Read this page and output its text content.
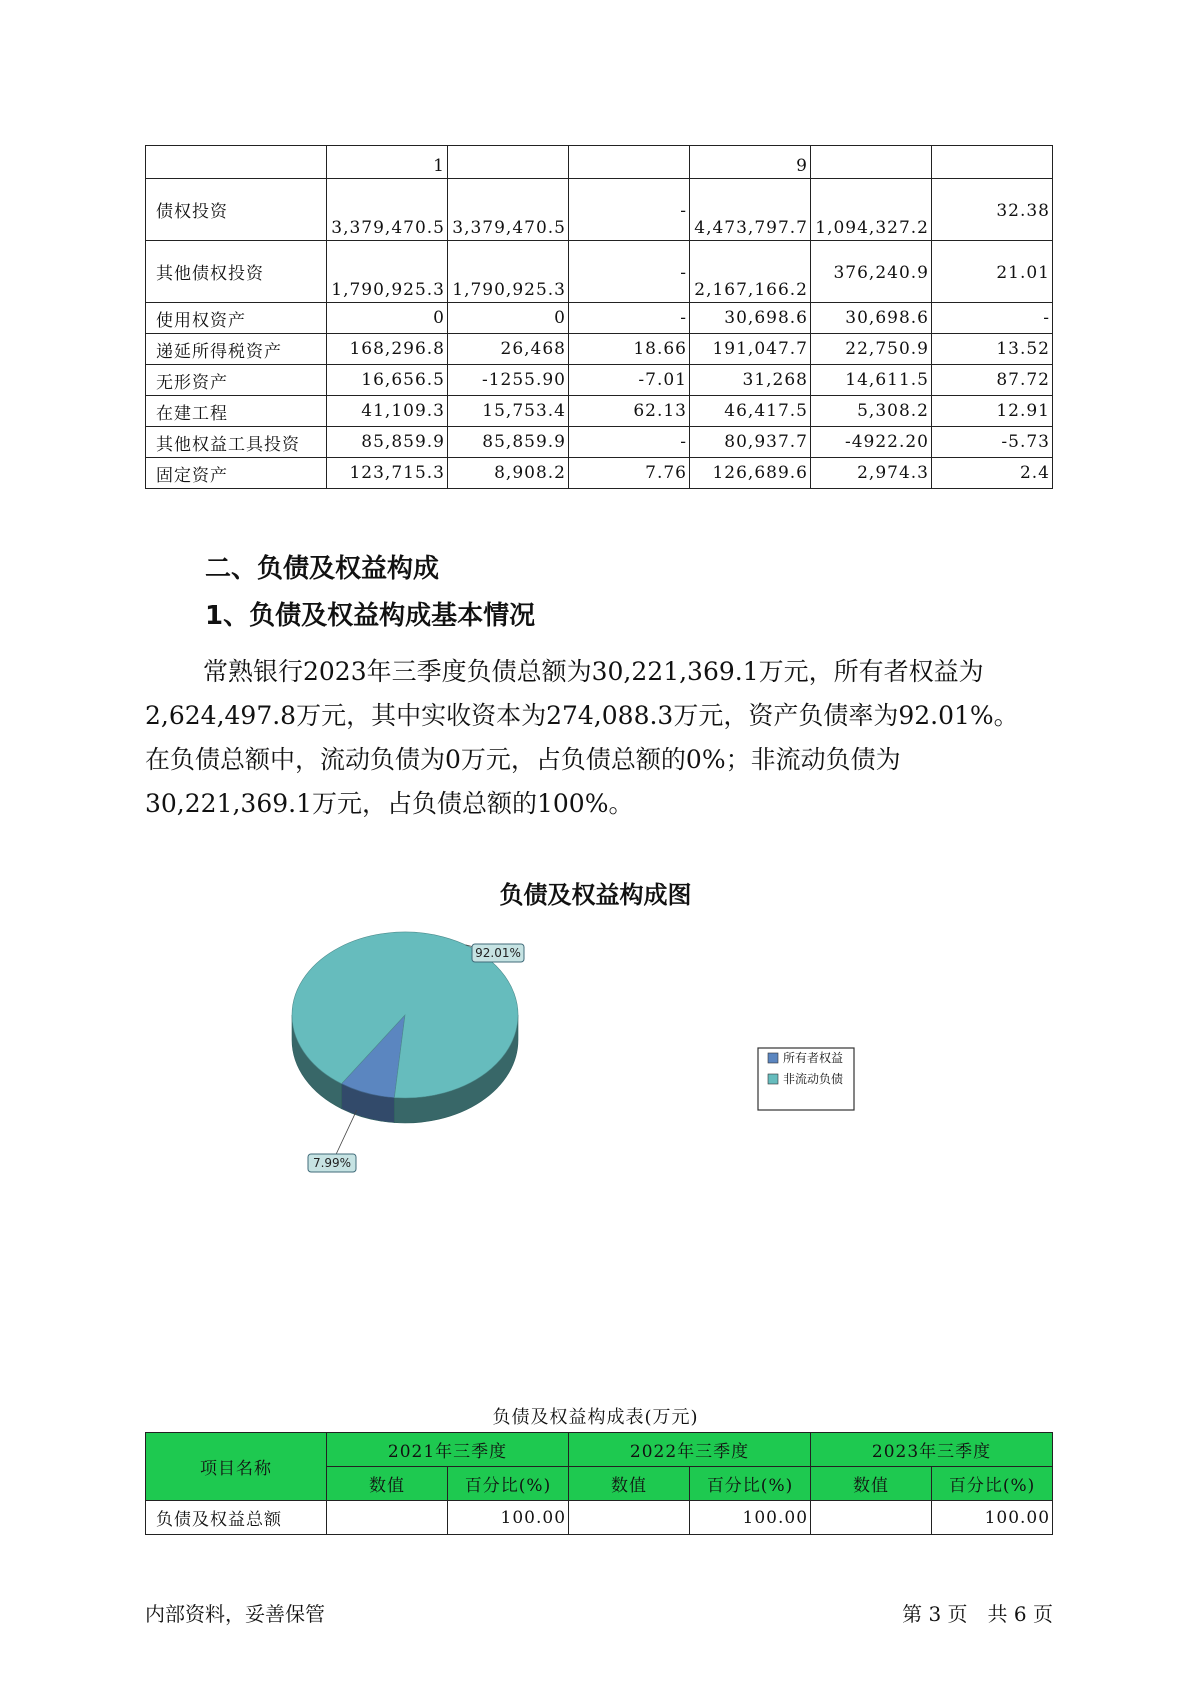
	1			9		
债权投资	3,379,470.5	3,379,470.5	-	4,473,797.7	1,094,327.2	32.38
其他债权投资	1,790,925.3	1,790,925.3	-	2,167,166.2	376,240.9	21.01
使用权资产	0	0	-	30,698.6	30,698.6	-
递延所得税资产	168,296.8	26,468	18.66	191,047.7	22,750.9	13.52
无形资产	16,656.5	-1255.90	-7.01	31,268	14,611.5	87.72
在建工程	41,109.3	15,753.4	62.13	46,417.5	5,308.2	12.91
其他权益工具投资	85,859.9	85,859.9	-	80,937.7	-4922.20	-5.73
固定资产	123,715.3	8,908.2	7.76	126,689.6	2,974.3	2.4
二、负债及权益构成
1、负债及权益构成基本情况

常熟银行2023年三季度负债总额为30,221,369.1万元，所有者权益为
2,624,497.8万元，其中实收资本为274,088.3万元，资产负债率为92.01%。
在负债总额中，流动负债为0万元，占负债总额的0%；非流动负债为
30,221,369.1万元，占负债总额的100%。

负债及权益构成图
92.01%
7.99%
所有者权益
非流动负债
负债及权益构成表(万元)
项目名称	2021年三季度		2022年三季度		2023年三季度	
	数值	百分比(%)	数值	百分比(%)	数值	百分比(%)
负债及权益总额		100.00		100.00		100.00
内部资料，妥善保管	第 3 页　共 6 页
